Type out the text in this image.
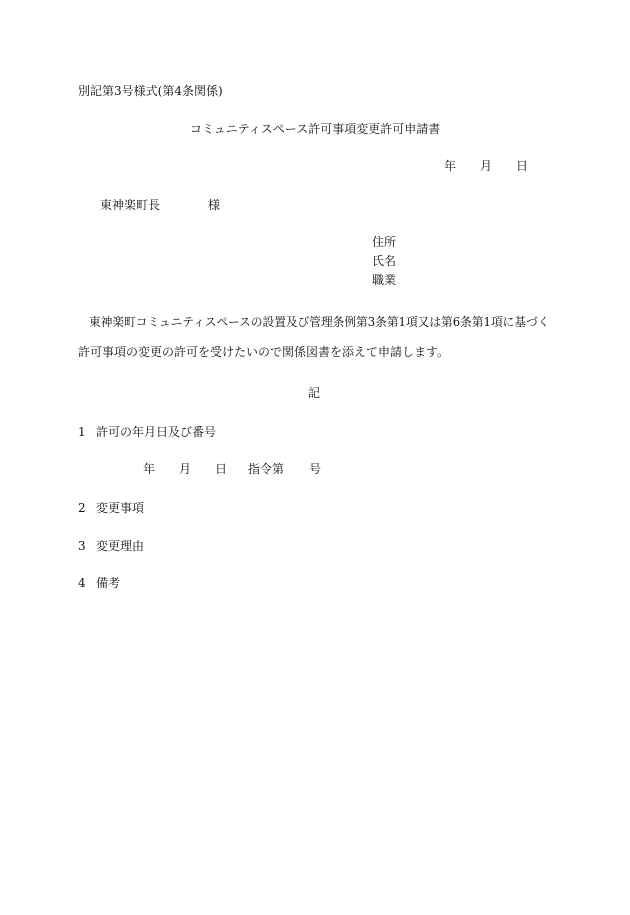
別記第3号様式(第4条関係)
コミュニティスペース許可事項変更許可申請書
年 月 日
東神楽町長	様
住所
氏名
職業
東神楽町コミュニティスペースの設置及び管理条例第3条第1項又は第6条第1項に基づく
許可事項の変更の許可を受けたいので関係図書を添えて申請します。
記
1 許可の年月日及び番号
年 月 日 指令第 号
2 変更事項
3 変更理由
4 備考
